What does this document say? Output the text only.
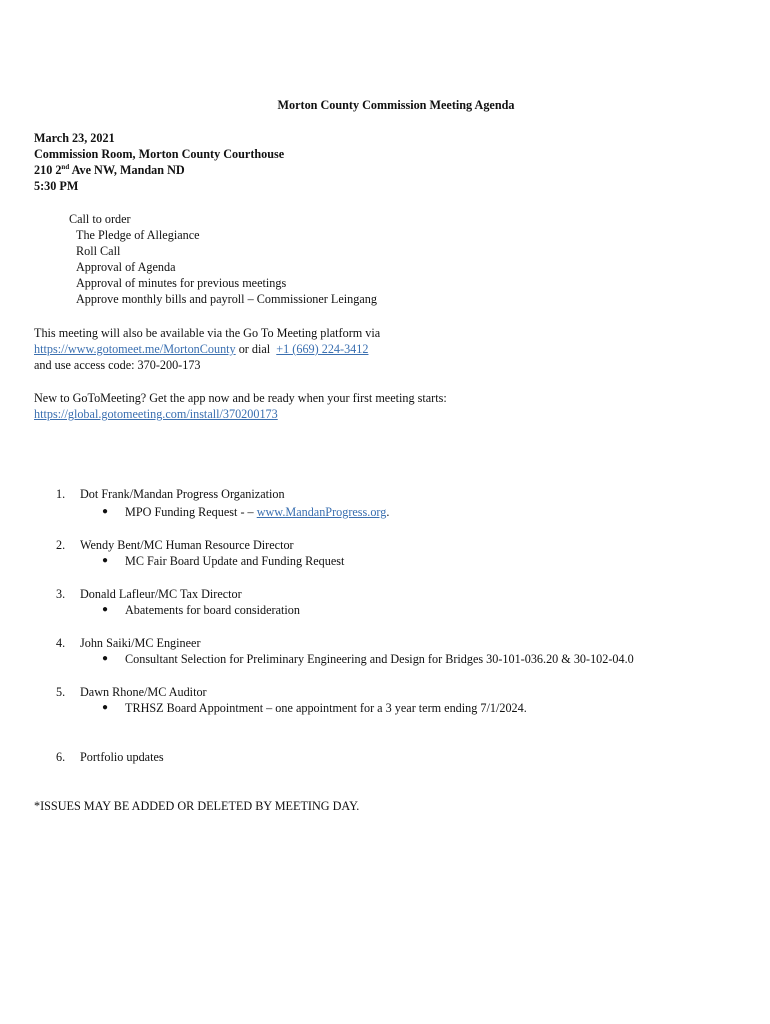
Morton County Commission Meeting Agenda
March 23, 2021
Commission Room, Morton County Courthouse
210 2nd Ave NW, Mandan ND
5:30 PM
Call to order
The Pledge of Allegiance
Roll Call
Approval of Agenda
Approval of minutes for previous meetings
Approve monthly bills and payroll – Commissioner Leingang
This meeting will also be available via the Go To Meeting platform via
https://www.gotomeet.me/MortonCounty or dial  +1 (669) 224-3412
and use access code: 370-200-173
New to GoToMeeting? Get the app now and be ready when your first meeting starts:
https://global.gotomeeting.com/install/370200173
1. Dot Frank/Mandan Progress Organization
● MPO Funding Request - – www.MandanProgress.org.
2. Wendy Bent/MC Human Resource Director
● MC Fair Board Update and Funding Request
3. Donald Lafleur/MC Tax Director
● Abatements for board consideration
4. John Saiki/MC Engineer
● Consultant Selection for Preliminary Engineering and Design for Bridges 30-101-036.20 & 30-102-04.0
5. Dawn Rhone/MC Auditor
● TRHSZ Board Appointment – one appointment for a 3 year term ending 7/1/2024.
6. Portfolio updates
*ISSUES MAY BE ADDED OR DELETED BY MEETING DAY.
